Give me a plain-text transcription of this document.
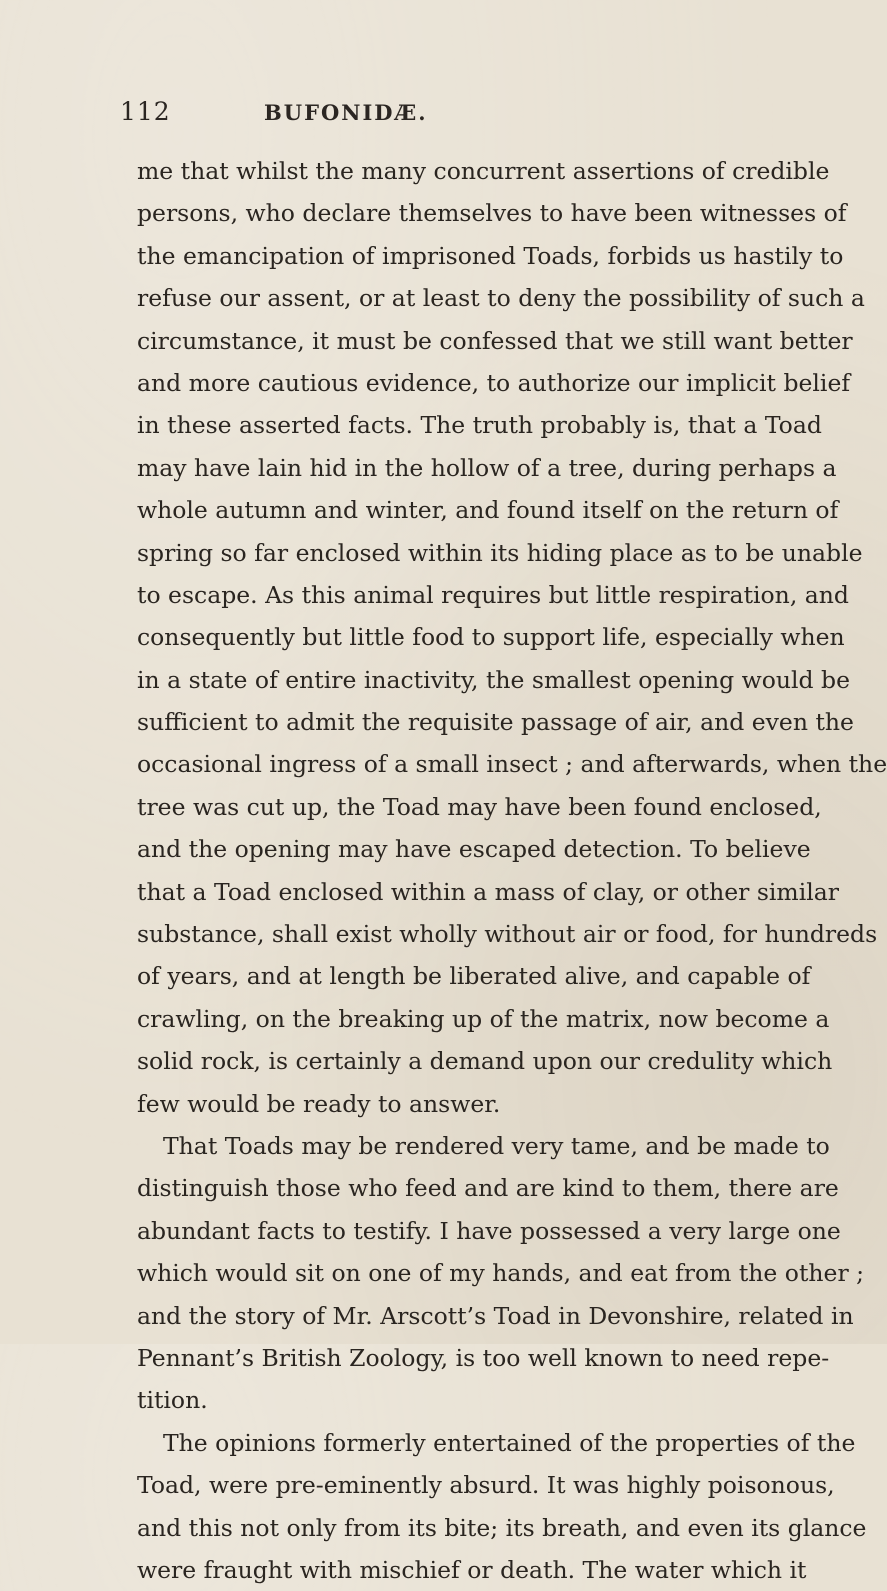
112	BUFONIDÆ.
me that whilst the many concurrent assertions of credible
persons, who declare themselves to have been witnesses of
the emancipation of imprisoned Toads, forbids us hastily to
refuse our assent, or at least to deny the possibility of such a
circumstance, it must be confessed that we still want better
and more cautious evidence, to authorize our implicit belief
in these asserted facts. The truth probably is, that a Toad
may have lain hid in the hollow of a tree, during perhaps a
whole autumn and winter, and found itself on the return of
spring so far enclosed within its hiding place as to be unable
to escape. As this animal requires but little respiration, and
consequently but little food to support life, especially when
in a state of entire inactivity, the smallest opening would be
sufficient to admit the requisite passage of air, and even the
occasional ingress of a small insect ; and afterwards, when the
tree was cut up, the Toad may have been found enclosed,
and the opening may have escaped detection. To believe
that a Toad enclosed within a mass of clay, or other similar
substance, shall exist wholly without air or food, for hundreds
of years, and at length be liberated alive, and capable of
crawling, on the breaking up of the matrix, now become a
solid rock, is certainly a demand upon our credulity which
few would be ready to answer.
That Toads may be rendered very tame, and be made to
distinguish those who feed and are kind to them, there are
abundant facts to testify. I have possessed a very large one
which would sit on one of my hands, and eat from the other ;
and the story of Mr. Arscott’s Toad in Devonshire, related in
Pennant’s British Zoology, is too well known to need repe-
tition.
The opinions formerly entertained of the properties of the
Toad, were pre-eminently absurd. It was highly poisonous,
and this not only from its bite; its breath, and even its glance
were fraught with mischief or death. The water which it
